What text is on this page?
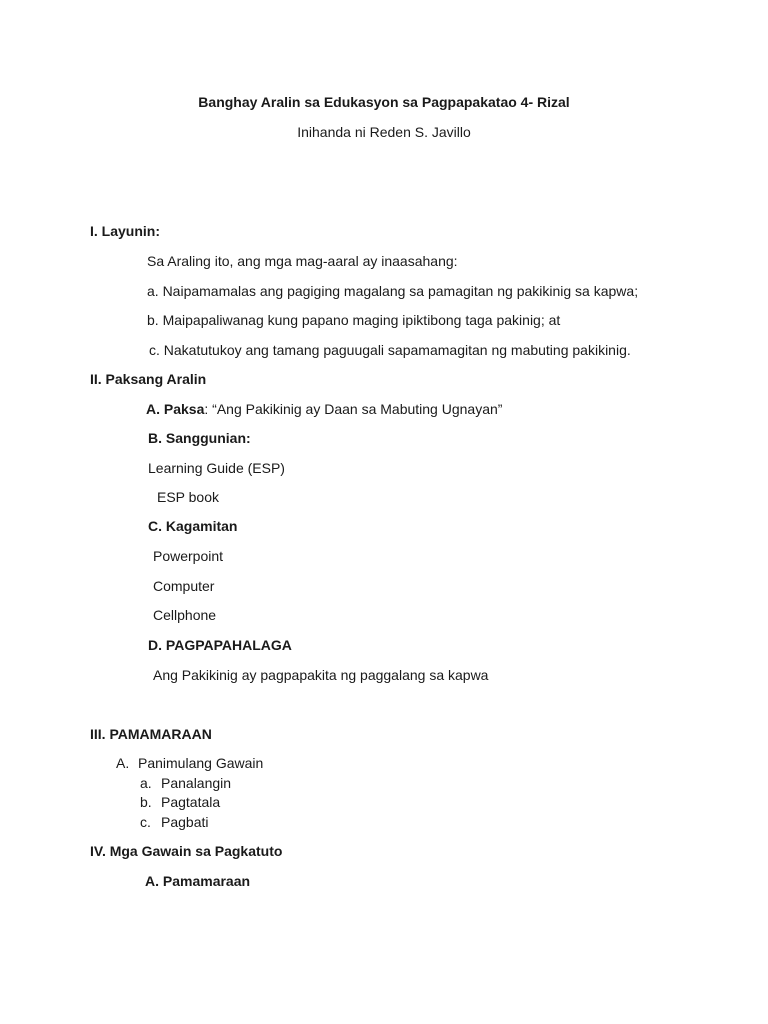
Banghay Aralin sa Edukasyon sa Pagpapakatao 4- Rizal
Inihanda ni Reden S. Javillo
I. Layunin:
Sa Araling ito, ang mga mag-aaral ay inaasahang:
a. Naipamamalas ang pagiging magalang sa pamagitan ng pakikinig sa kapwa;
b. Maipapaliwanag kung papano maging ipiktibong taga pakinig; at
c. Nakatutukoy ang tamang paguugali sapamamagitan ng mabuting pakikinig.
II. Paksang Aralin
A. Paksa: “Ang Pakikinig ay Daan sa Mabuting Ugnayan”
B. Sanggunian:
Learning Guide (ESP)
ESP book
C. Kagamitan
Powerpoint
Computer
Cellphone
D. PAGPAPAHALAGA
Ang Pakikinig ay pagpapakita ng paggalang sa kapwa
III. PAMAMARAAN
A. Panimulang Gawain
a. Panalangin
b. Pagtatala
c. Pagbati
IV. Mga Gawain sa Pagkatuto
A. Pamamaraan
